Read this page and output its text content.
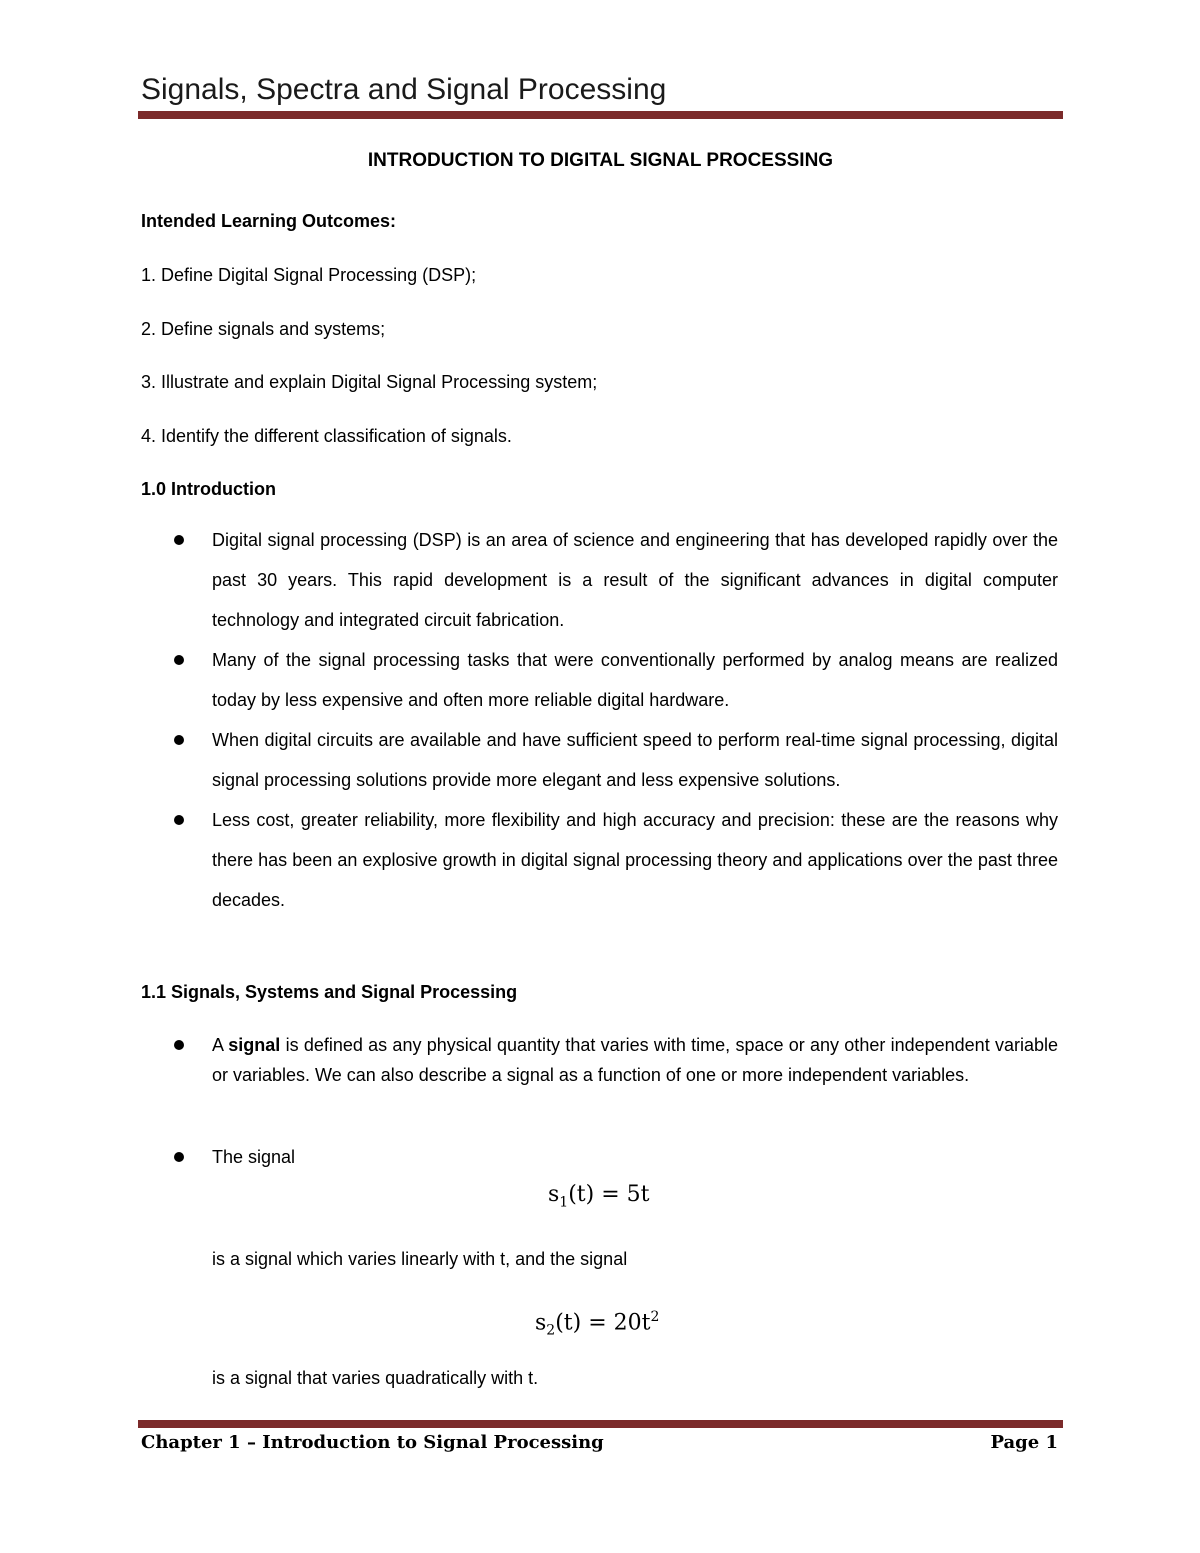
Signals, Spectra and Signal Processing
INTRODUCTION TO DIGITAL SIGNAL PROCESSING
Intended Learning Outcomes:
1. Define Digital Signal Processing (DSP);
2. Define signals and systems;
3. Illustrate and explain Digital Signal Processing system;
4. Identify the different classification of signals.
1.0 Introduction
Digital signal processing (DSP) is an area of science and engineering that has developed rapidly over the past 30 years. This rapid development is a result of the significant advances in digital computer technology and integrated circuit fabrication.
Many of the signal processing tasks that were conventionally performed by analog means are realized today by less expensive and often more reliable digital hardware.
When digital circuits are available and have sufficient speed to perform real-time signal processing, digital signal processing solutions provide more elegant and less expensive solutions.
Less cost, greater reliability, more flexibility and high accuracy and precision: these are the reasons why there has been an explosive growth in digital signal processing theory and applications over the past three decades.
1.1 Signals, Systems and Signal Processing
A signal is defined as any physical quantity that varies with time, space or any other independent variable or variables. We can also describe a signal as a function of one or more independent variables.
The signal
$s_1(t) = 5t$
is a signal which varies linearly with t, and the signal
$s_2(t) = 20t^2$
is a signal that varies quadratically with t.
Chapter 1 – Introduction to Signal Processing	Page 1
